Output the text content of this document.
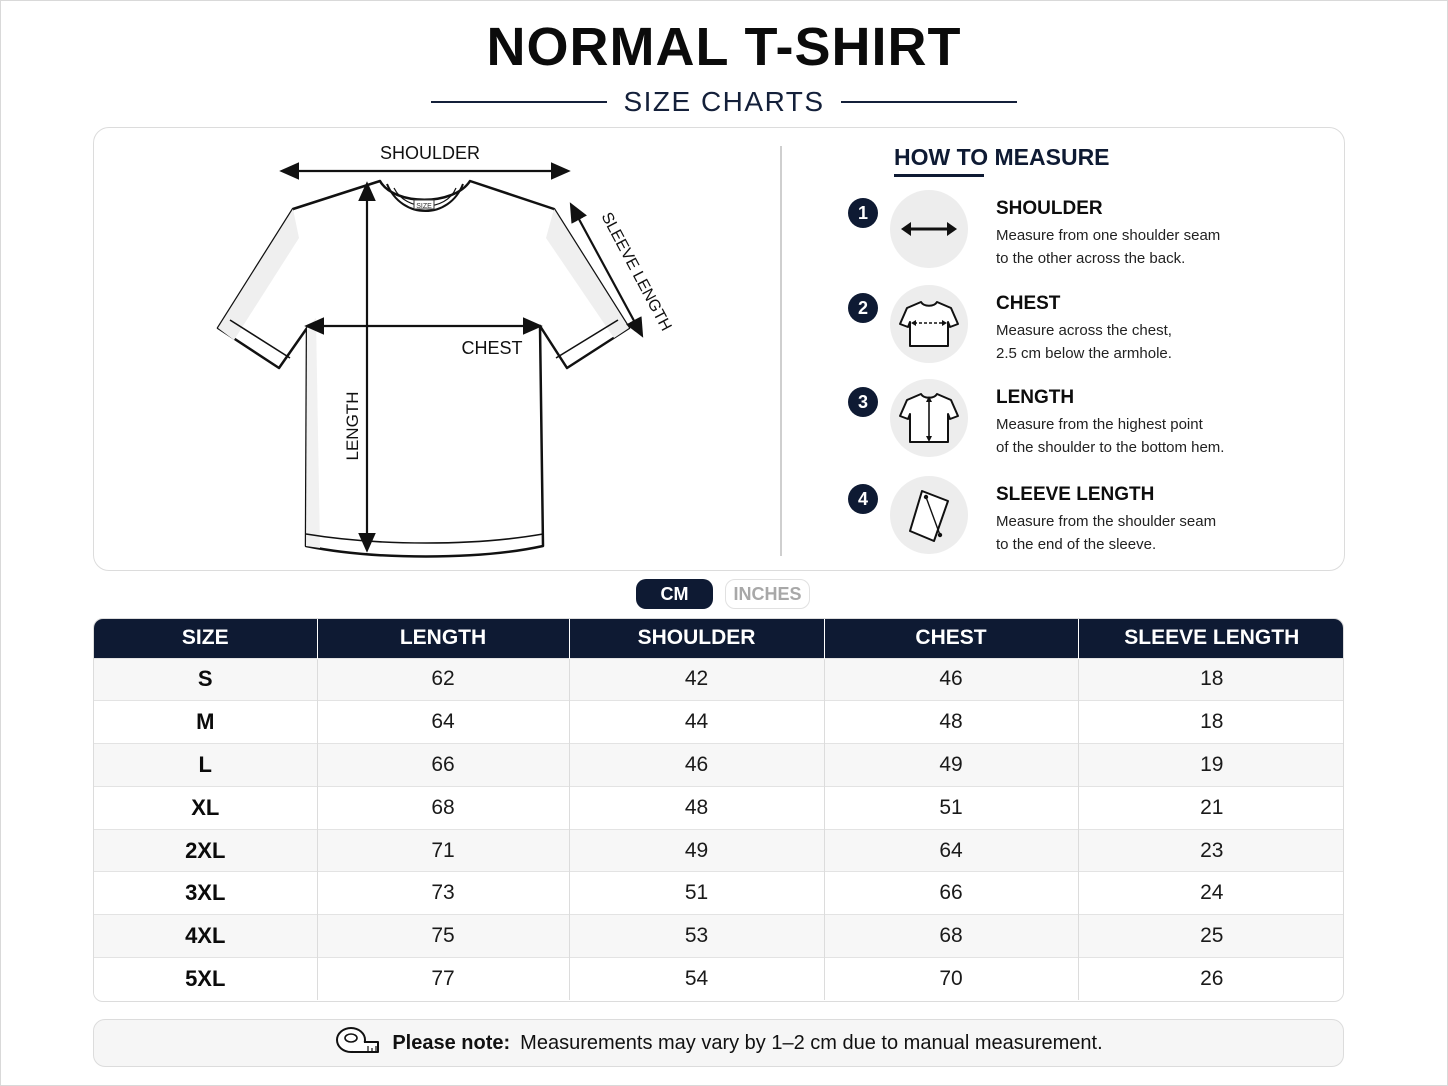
NORMAL T-SHIRT
SIZE CHARTS
SIZE
SHOULDER
CHEST
LENGTH
SLEEVE LENGTH
HOW TO MEASURE
1	SHOULDER
Measure from one shoulder seam
to the other across the back.
2	CHEST
Measure across the chest,
2.5 cm below the armhole.
3	LENGTH
Measure from the highest point
of the shoulder to the bottom hem.
4	SLEEVE LENGTH
Measure from the shoulder seam
to the end of the sleeve.
CM	INCHES
SIZE	LENGTH	SHOULDER	CHEST	SLEEVE LENGTH
S	62	42	46	18
M	64	44	48	18
L	66	46	49	19
XL	68	48	51	21
2XL	71	49	64	23
3XL	73	51	66	24
4XL	75	53	68	25
5XL	77	54	70	26
Please note: Measurements may vary by 1–2 cm due to manual measurement.
